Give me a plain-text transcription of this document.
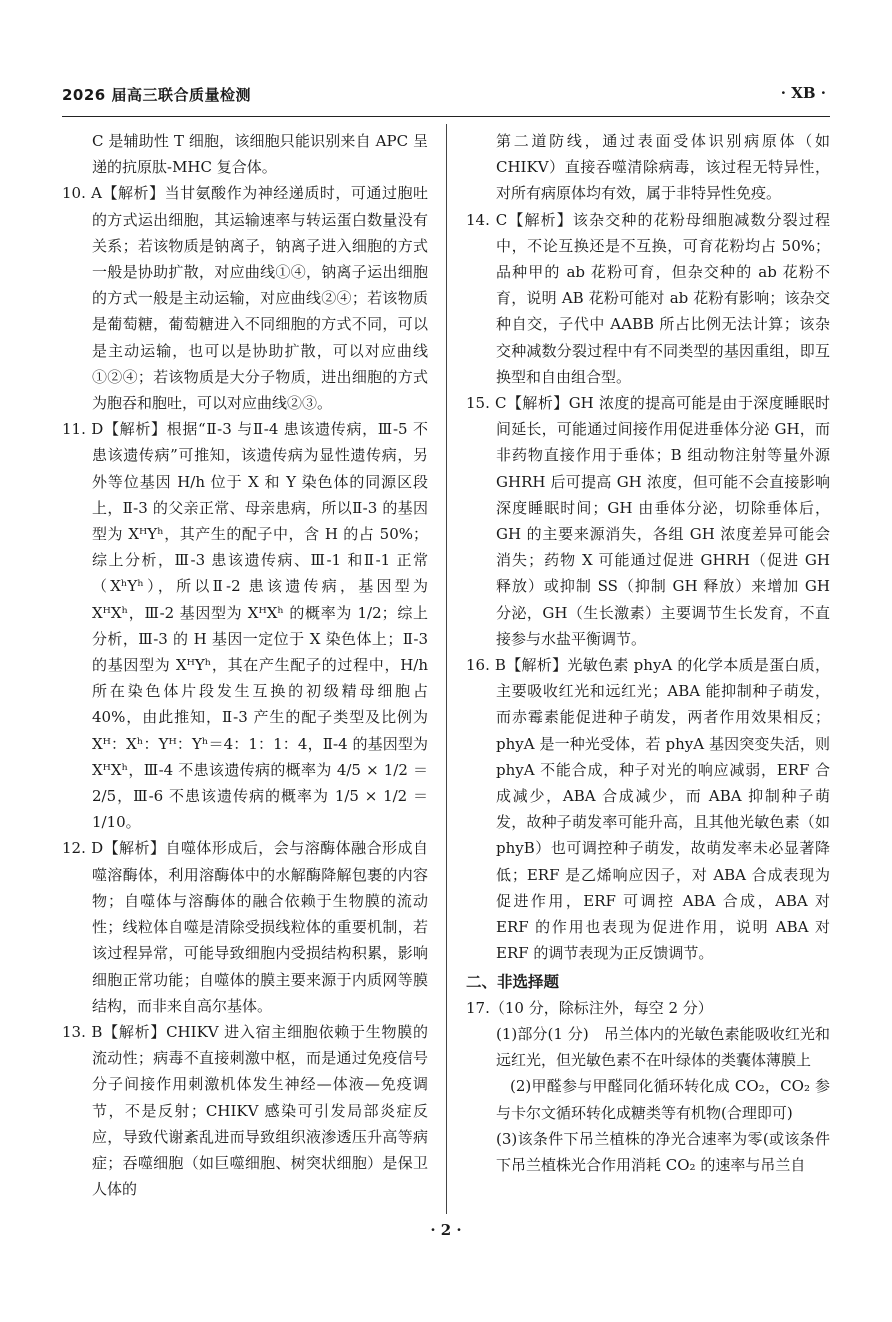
2026 届高三联合质量检测	· XB ·

C 是辅助性 T 细胞，该细胞只能识别来自 APC 呈递的抗原肽-MHC 复合体。

10. A【解析】当甘氨酸作为神经递质时，可通过胞吐的方式运出细胞，其运输速率与转运蛋白数量没有关系；若该物质是钠离子，钠离子进入细胞的方式一般是协助扩散，对应曲线①④，钠离子运出细胞的方式一般是主动运输，对应曲线②④；若该物质是葡萄糖，葡萄糖进入不同细胞的方式不同，可以是主动运输，也可以是协助扩散，可以对应曲线①②④；若该物质是大分子物质，进出细胞的方式为胞吞和胞吐，可以对应曲线②③。

11. D【解析】根据“Ⅱ-3 与Ⅱ-4 患该遗传病，Ⅲ-5 不患该遗传病”可推知，该遗传病为显性遗传病，另外等位基因 H/h 位于 X 和 Y 染色体的同源区段上，Ⅱ-3 的父亲正常、母亲患病，所以Ⅱ-3 的基因型为 XᴴYʰ，其产生的配子中，含 H 的占 50%；综上分析，Ⅲ-3 患该遗传病、Ⅲ-1 和Ⅱ-1 正常（XʰYʰ），所以Ⅱ-2 患该遗传病，基因型为 XᴴXʰ，Ⅲ-2 基因型为 XᴴXʰ 的概率为 1/2；综上分析，Ⅲ-3 的 H 基因一定位于 X 染色体上；Ⅱ-3 的基因型为 XᴴYʰ，其在产生配子的过程中，H/h 所在染色体片段发生互换的初级精母细胞占 40%，由此推知，Ⅱ-3 产生的配子类型及比例为 Xᴴ：Xʰ：Yᴴ：Yʰ＝4：1：1：4，Ⅱ-4 的基因型为 XᴴXʰ，Ⅲ-4 不患该遗传病的概率为 4/5 × 1/2 ＝ 2/5，Ⅲ-6 不患该遗传病的概率为 1/5 × 1/2 ＝ 1/10。

12. D【解析】自噬体形成后，会与溶酶体融合形成自噬溶酶体，利用溶酶体中的水解酶降解包裹的内容物；自噬体与溶酶体的融合依赖于生物膜的流动性；线粒体自噬是清除受损线粒体的重要机制，若该过程异常，可能导致细胞内受损结构积累，影响细胞正常功能；自噬体的膜主要来源于内质网等膜结构，而非来自高尔基体。

13. B【解析】CHIKV 进入宿主细胞依赖于生物膜的流动性；病毒不直接刺激中枢，而是通过免疫信号分子间接作用刺激机体发生神经—体液—免疫调节，不是反射；CHIKV 感染可引发局部炎症反应，导致代谢紊乱进而导致组织液渗透压升高等病症；吞噬细胞（如巨噬细胞、树突状细胞）是保卫人体的

第二道防线，通过表面受体识别病原体（如 CHIKV）直接吞噬清除病毒，该过程无特异性，对所有病原体均有效，属于非特异性免疫。

14. C【解析】该杂交种的花粉母细胞减数分裂过程中，不论互换还是不互换，可育花粉均占 50%；品种甲的 ab 花粉可育，但杂交种的 ab 花粉不育，说明 AB 花粉可能对 ab 花粉有影响；该杂交种自交，子代中 AABB 所占比例无法计算；该杂交种减数分裂过程中有不同类型的基因重组，即互换型和自由组合型。

15. C【解析】GH 浓度的提高可能是由于深度睡眠时间延长，可能通过间接作用促进垂体分泌 GH，而非药物直接作用于垂体；B 组动物注射等量外源 GHRH 后可提高 GH 浓度，但可能不会直接影响深度睡眠时间；GH 由垂体分泌，切除垂体后，GH 的主要来源消失，各组 GH 浓度差异可能会消失；药物 X 可能通过促进 GHRH（促进 GH 释放）或抑制 SS（抑制 GH 释放）来增加 GH 分泌，GH（生长激素）主要调节生长发育，不直接参与水盐平衡调节。

16. B【解析】光敏色素 phyA 的化学本质是蛋白质，主要吸收红光和远红光；ABA 能抑制种子萌发，而赤霉素能促进种子萌发，两者作用效果相反；phyA 是一种光受体，若 phyA 基因突变失活，则 phyA 不能合成，种子对光的响应减弱，ERF 合成减少，ABA 合成减少，而 ABA 抑制种子萌发，故种子萌发率可能升高，且其他光敏色素（如 phyB）也可调控种子萌发，故萌发率未必显著降低；ERF 是乙烯响应因子，对 ABA 合成表现为促进作用，ERF 可调控 ABA 合成，ABA 对 ERF 的作用也表现为促进作用，说明 ABA 对 ERF 的调节表现为正反馈调节。

二、非选择题

17.（10 分，除标注外，每空 2 分）

(1)部分(1 分)　吊兰体内的光敏色素能吸收红光和远红光，但光敏色素不在叶绿体的类囊体薄膜上

(2)甲醛参与甲醛同化循环转化成 CO₂，CO₂ 参与卡尔文循环转化成糖类等有机物(合理即可)

(3)该条件下吊兰植株的净光合速率为零(或该条件下吊兰植株光合作用消耗 CO₂ 的速率与吊兰自

· 2 ·
